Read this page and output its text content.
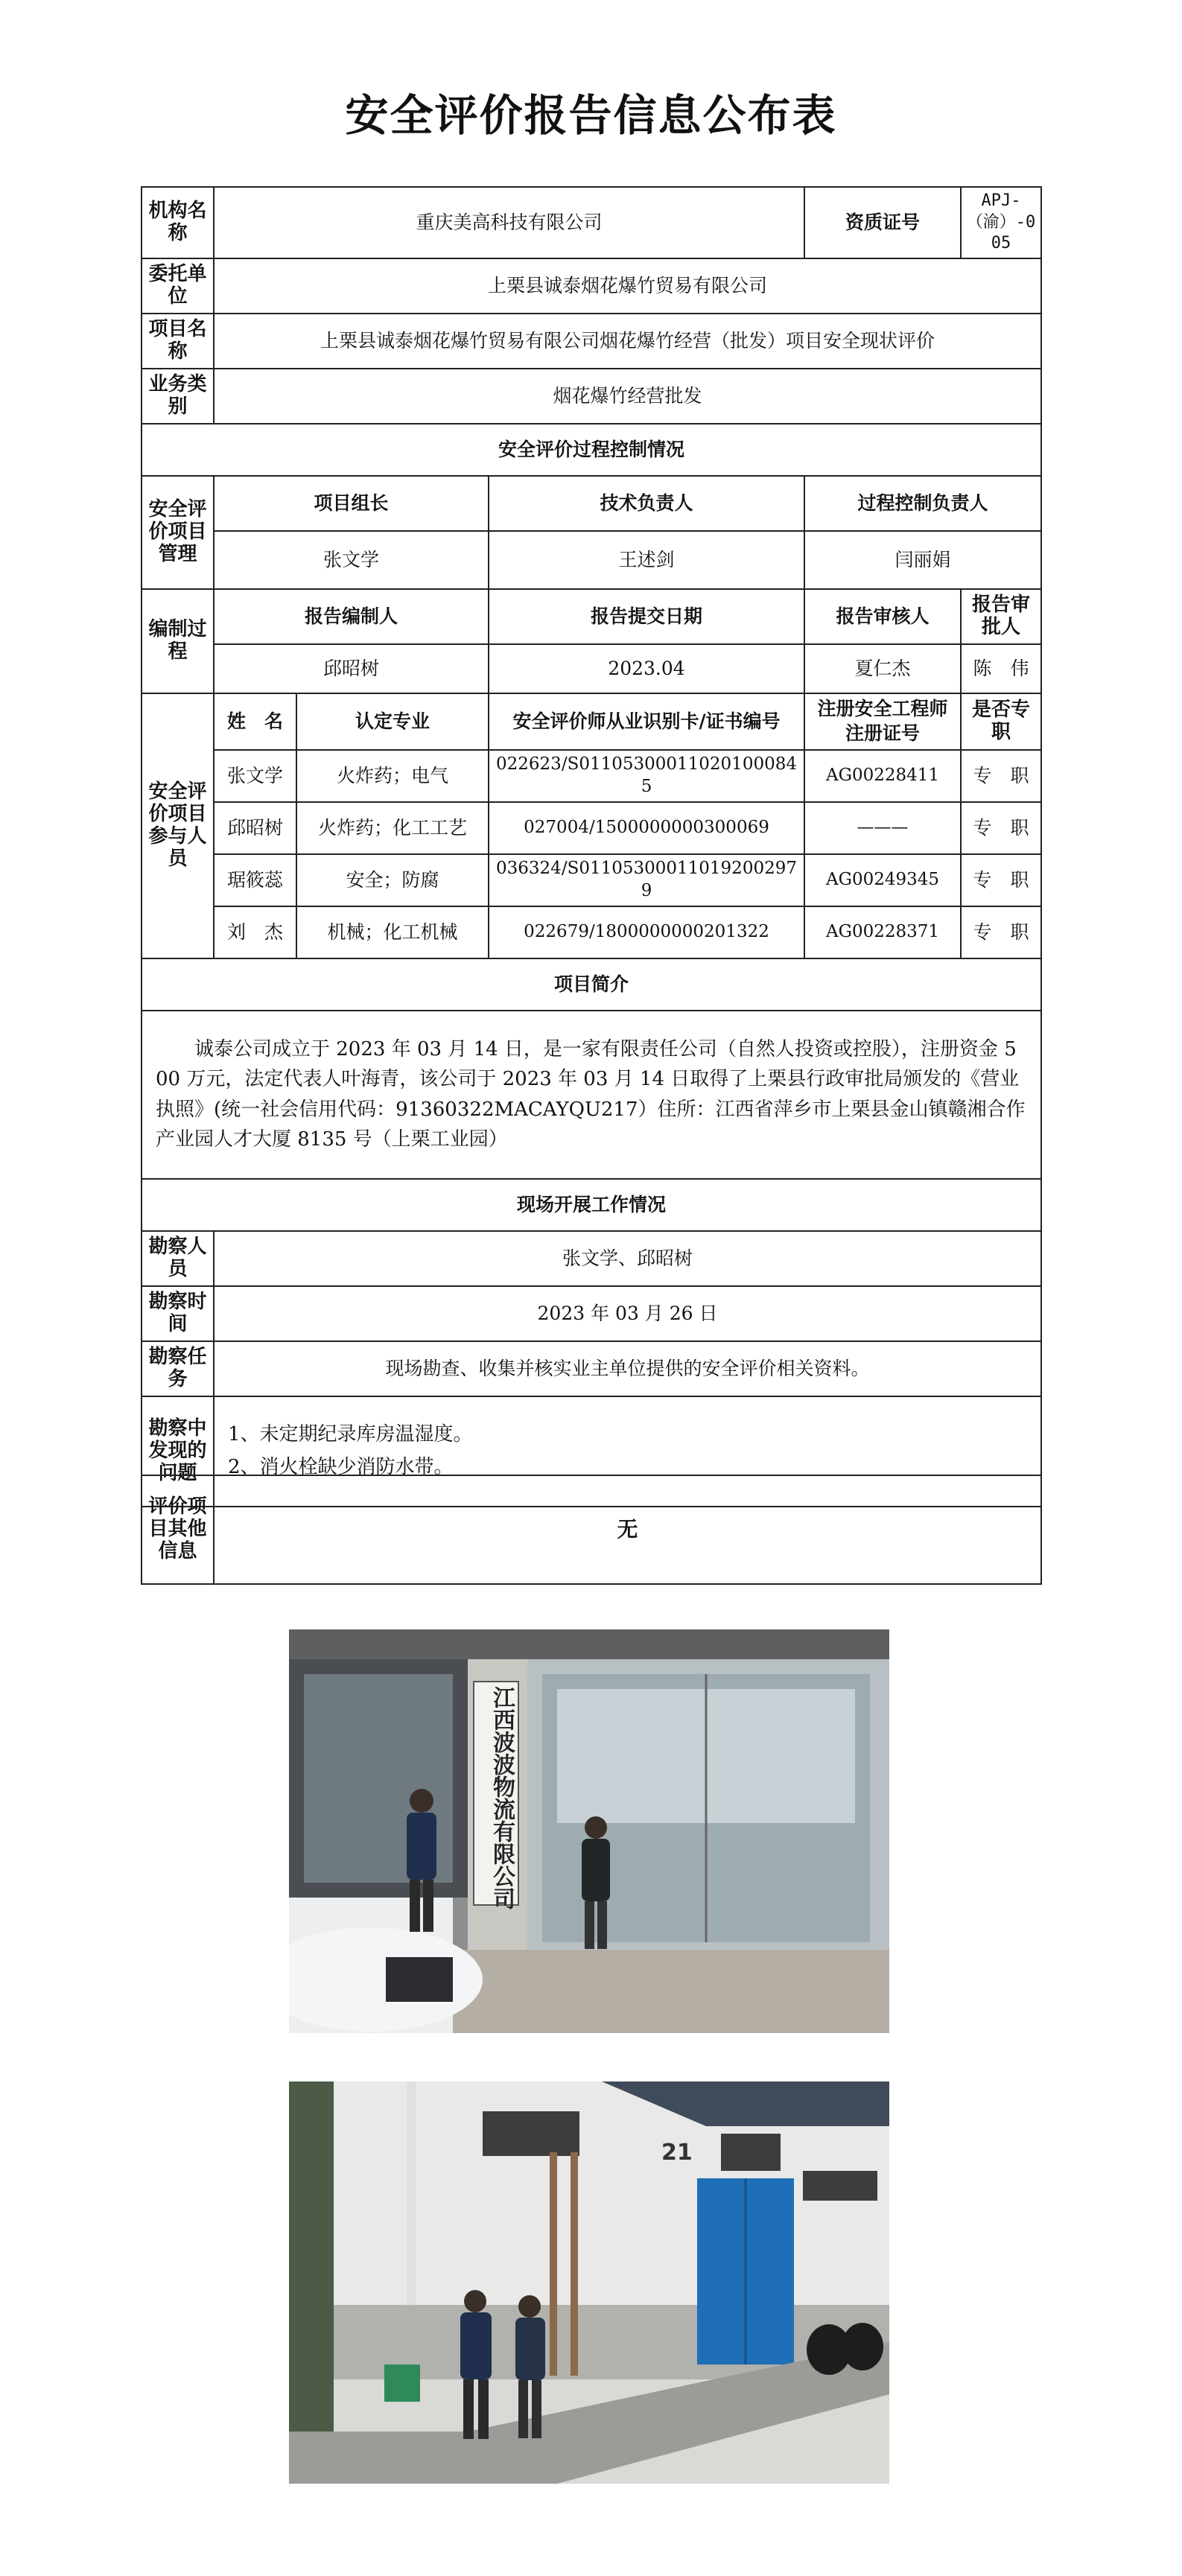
安全评价报告信息公布表
机构名称	重庆美高科技有限公司			资质证号	APJ-（渝）-005
委托单位	上栗县诚泰烟花爆竹贸易有限公司				
项目名称	上栗县诚泰烟花爆竹贸易有限公司烟花爆竹经营（批发）项目安全现状评价				
业务类别	烟花爆竹经营批发				
安全评价过程控制情况					
安全评价项目管理	项目组长		技术负责人	过程控制负责人	
	张文学		王述剑	闫丽娟	
编制过程	报告编制人		报告提交日期	报告审核人	报告审批人
	邱昭树		2023.04	夏仁杰	陈　伟
安全评价项目参与人员	姓　名	认定专业	安全评价师从业识别卡/证书编号	注册安全工程师注册证号	是否专职
	张文学	火炸药；电气	022623/S011053000110201000845	AG00228411	专　职
	邱昭树	火炸药；化工工艺	027004/1500000000300069	———	专　职
	琚筱蕊	安全；防腐	036324/S011053000110192002979	AG00249345	专　职
	刘　杰	机械；化工机械	022679/1800000000201322	AG00228371	专　职
项目简介					
诚泰公司成立于 2023 年 03 月 14 日，是一家有限责任公司（自然人投资或控股），注册资金 500 万元，法定代表人叶海青，该公司于 2023 年 03 月 14 日取得了上栗县行政审批局颁发的《营业执照》(统一社会信用代码：91360322MACAYQU217）住所：江西省萍乡市上栗县金山镇赣湘合作产业园人才大厦 8135 号（上栗工业园）					
现场开展工作情况					
勘察人员	张文学、邱昭树				
勘察时间	2023 年 03 月 26 日				
勘察任务	现场勘查、收集并核实业主单位提供的安全评价相关资料。				
勘察中发现的问题	1、未定期纪录库房温湿度。
2、消火栓缺少消防水带。				
评价项目其他信息	无
江西波波物流有限公司
21
